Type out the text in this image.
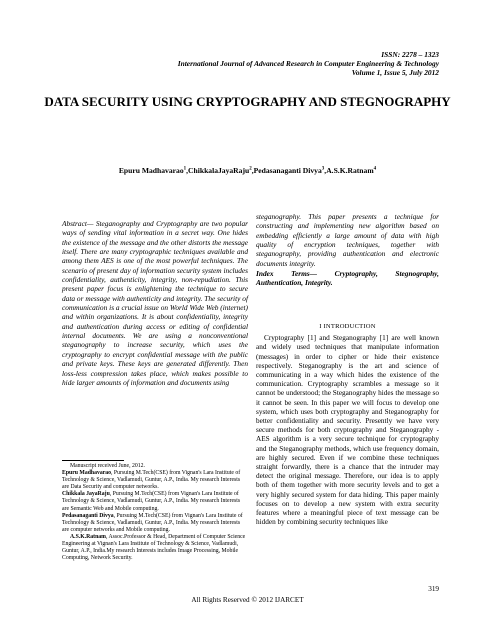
ISSN: 2278 – 1323
International Journal of Advanced Research in Computer Engineering & Technology
Volume 1, Issue 5, July 2012
DATA SECURITY USING CRYPTOGRAPHY AND STEGNOGRAPHY
Epuru Madhavarao$^1$,ChikkalaJayaRaju$^2$,Pedasanaganti Divya$^3$,A.S.K.Ratnam$^4$
Abstract— Steganography and Cryptography are two popular ways of sending vital information in a secret way. One hides the existence of the message and the other distorts the message itself. There are many cryptographic techniques available and among them AES is one of the most powerful techniques. The scenario of present day of information security system includes confidentiality, authenticity, integrity, non-repudiation. This present paper focus is enlightening the technique to secure data or message with authenticity and integrity. The security of communication is a crucial issue on World Wide Web (internet) and within organizations. It is about confidentiality, integrity and authentication during access or editing of confidential internal documents. We are using a nonconventional steganography to increase security, which uses the cryptography to encrypt confidential message with the public and private keys. These keys are generated differently. Then loss-less compression takes place, which makes possible to hide larger amounts of information and documents using

Manuscript received June, 2012.

Epuru Madhavarao, Pursuing M.Tech(CSE) from Vignan's Lara Institute of Technology & Science, Vadlamudi, Guntur, A.P., India. My research Interests are Data Security and computer networks.

Chikkala JayaRaju, Pursuing M.Tech(CSE) from Vignan's Lara Institute of Technology & Science, Vadlamudi, Guntur, A.P., India. My research Interests are Semantic Web and Mobile computing.

Pedasanaganti Divya, Pursuing M.Tech(CSE) from Vignan's Lara Institute of Technology & Science, Vadlamudi, Guntur, A.P., India. My research Interests are computer networks and Mobile computing.

A.S.K.Ratnam, Assoc.Professor & Head, Department of Computer Science Engineering at Vignan's Lara Institute of Technology & Science, Vadlamudi, Guntur, A.P., India.My research Interests includes Image Processing, Mobile Computing, Network Security.

steganography. This paper presents a technique for constructing and implementing new algorithm based on embedding efficiently a large amount of data with high quality of encryption techniques, together with steganography, providing authentication and electronic documents integrity.
Index Terms— Cryptography, Stegnography, Authentication, Integrity.
I INTRODUCTION
Cryptography [1] and Steganography [1] are well known and widely used techniques that manipulate information (messages) in order to cipher or hide their existence respectively. Steganography is the art and science of communicating in a way which hides the existence of the communication. Cryptography scrambles a message so it cannot be understood; the Steganography hides the message so it cannot be seen. In this paper we will focus to develop one system, which uses both cryptography and Steganography for better confidentiality and security. Presently we have very secure methods for both cryptography and Steganography - AES algorithm is a very secure technique for cryptography and the Steganography methods, which use frequency domain, are highly secured. Even if we combine these techniques straight forwardly, there is a chance that the intruder may detect the original message. Therefore, our idea is to apply both of them together with more security levels and to get a very highly secured system for data hiding. This paper mainly focuses on to develop a new system with extra security features where a meaningful piece of text message can be hidden by combining security techniques like
319
All Rights Reserved © 2012 IJARCET
